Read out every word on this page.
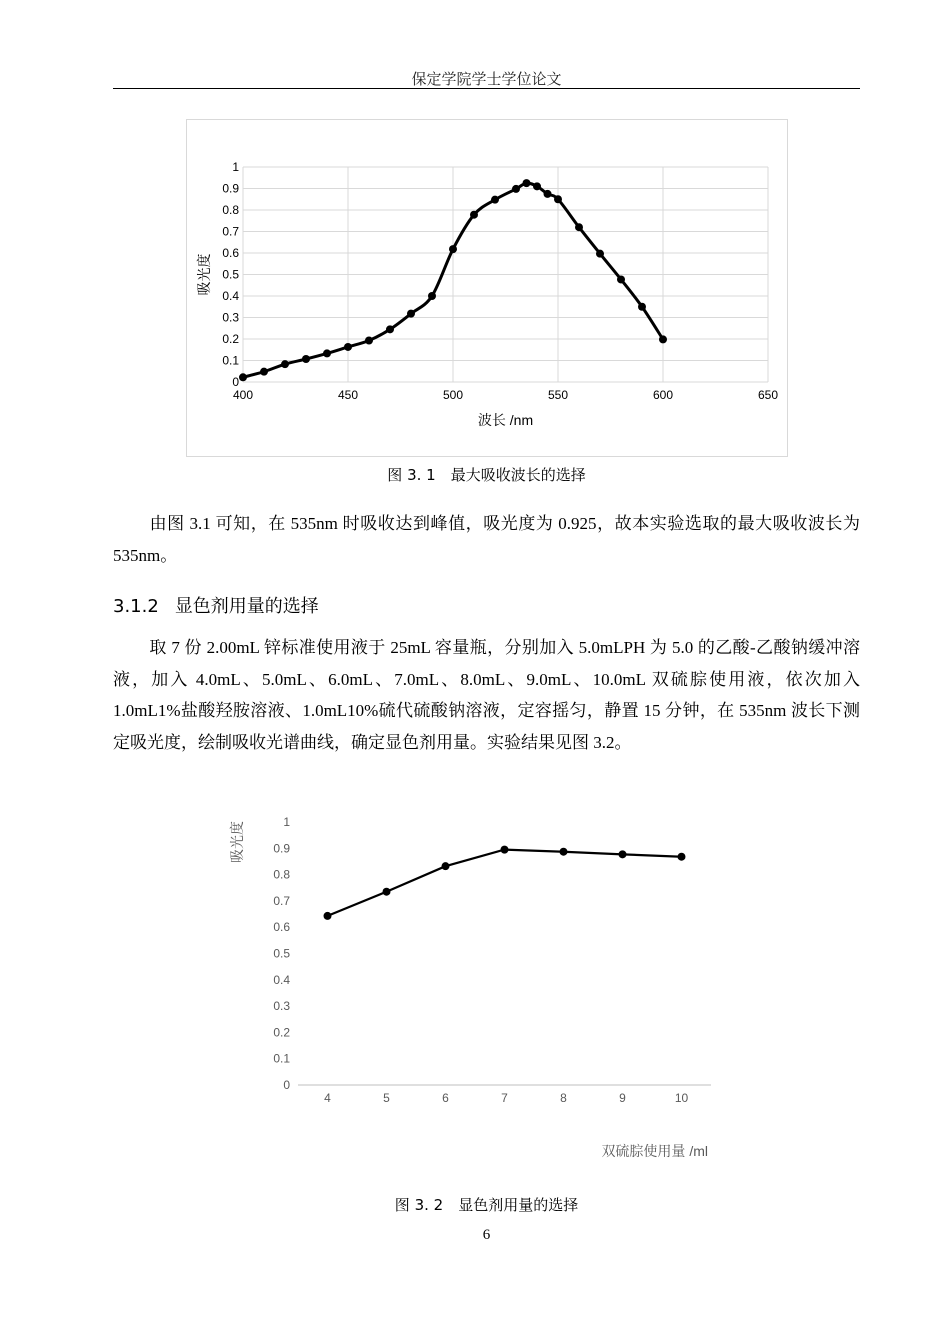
保定学院学士学位论文
400	450	500	550	600	650
0
0.1
0.2
0.3
0.4
0.5
0.6
0.7
0.8
0.9
1
波长 /nm
吸光度
图 3. 1　最大吸收波长的选择
由图 3.1 可知，在 535nm 时吸收达到峰值，吸光度为 0.925，故本实验选取的最大吸收波长为 535nm。
3.1.2 显色剂用量的选择
取 7 份 2.00mL 锌标准使用液于 25mL 容量瓶，分别加入 5.0mLPH 为 5.0 的乙酸-乙酸钠缓冲溶液，加入 4.0mL、5.0mL、6.0mL、7.0mL、8.0mL、9.0mL、10.0mL 双硫腙使用液，依次加入 1.0mL1%盐酸羟胺溶液、1.0mL10%硫代硫酸钠溶液，定容摇匀，静置 15 分钟，在 535nm 波长下测定吸光度，绘制吸收光谱曲线，确定显色剂用量。实验结果见图 3.2。
4	5	6	7	8	9	10
0
0.1
0.2
0.3
0.4
0.5
0.6
0.7
0.8
0.9
1
双硫腙使用量 /ml
吸光度
图 3. 2　显色剂用量的选择
6
